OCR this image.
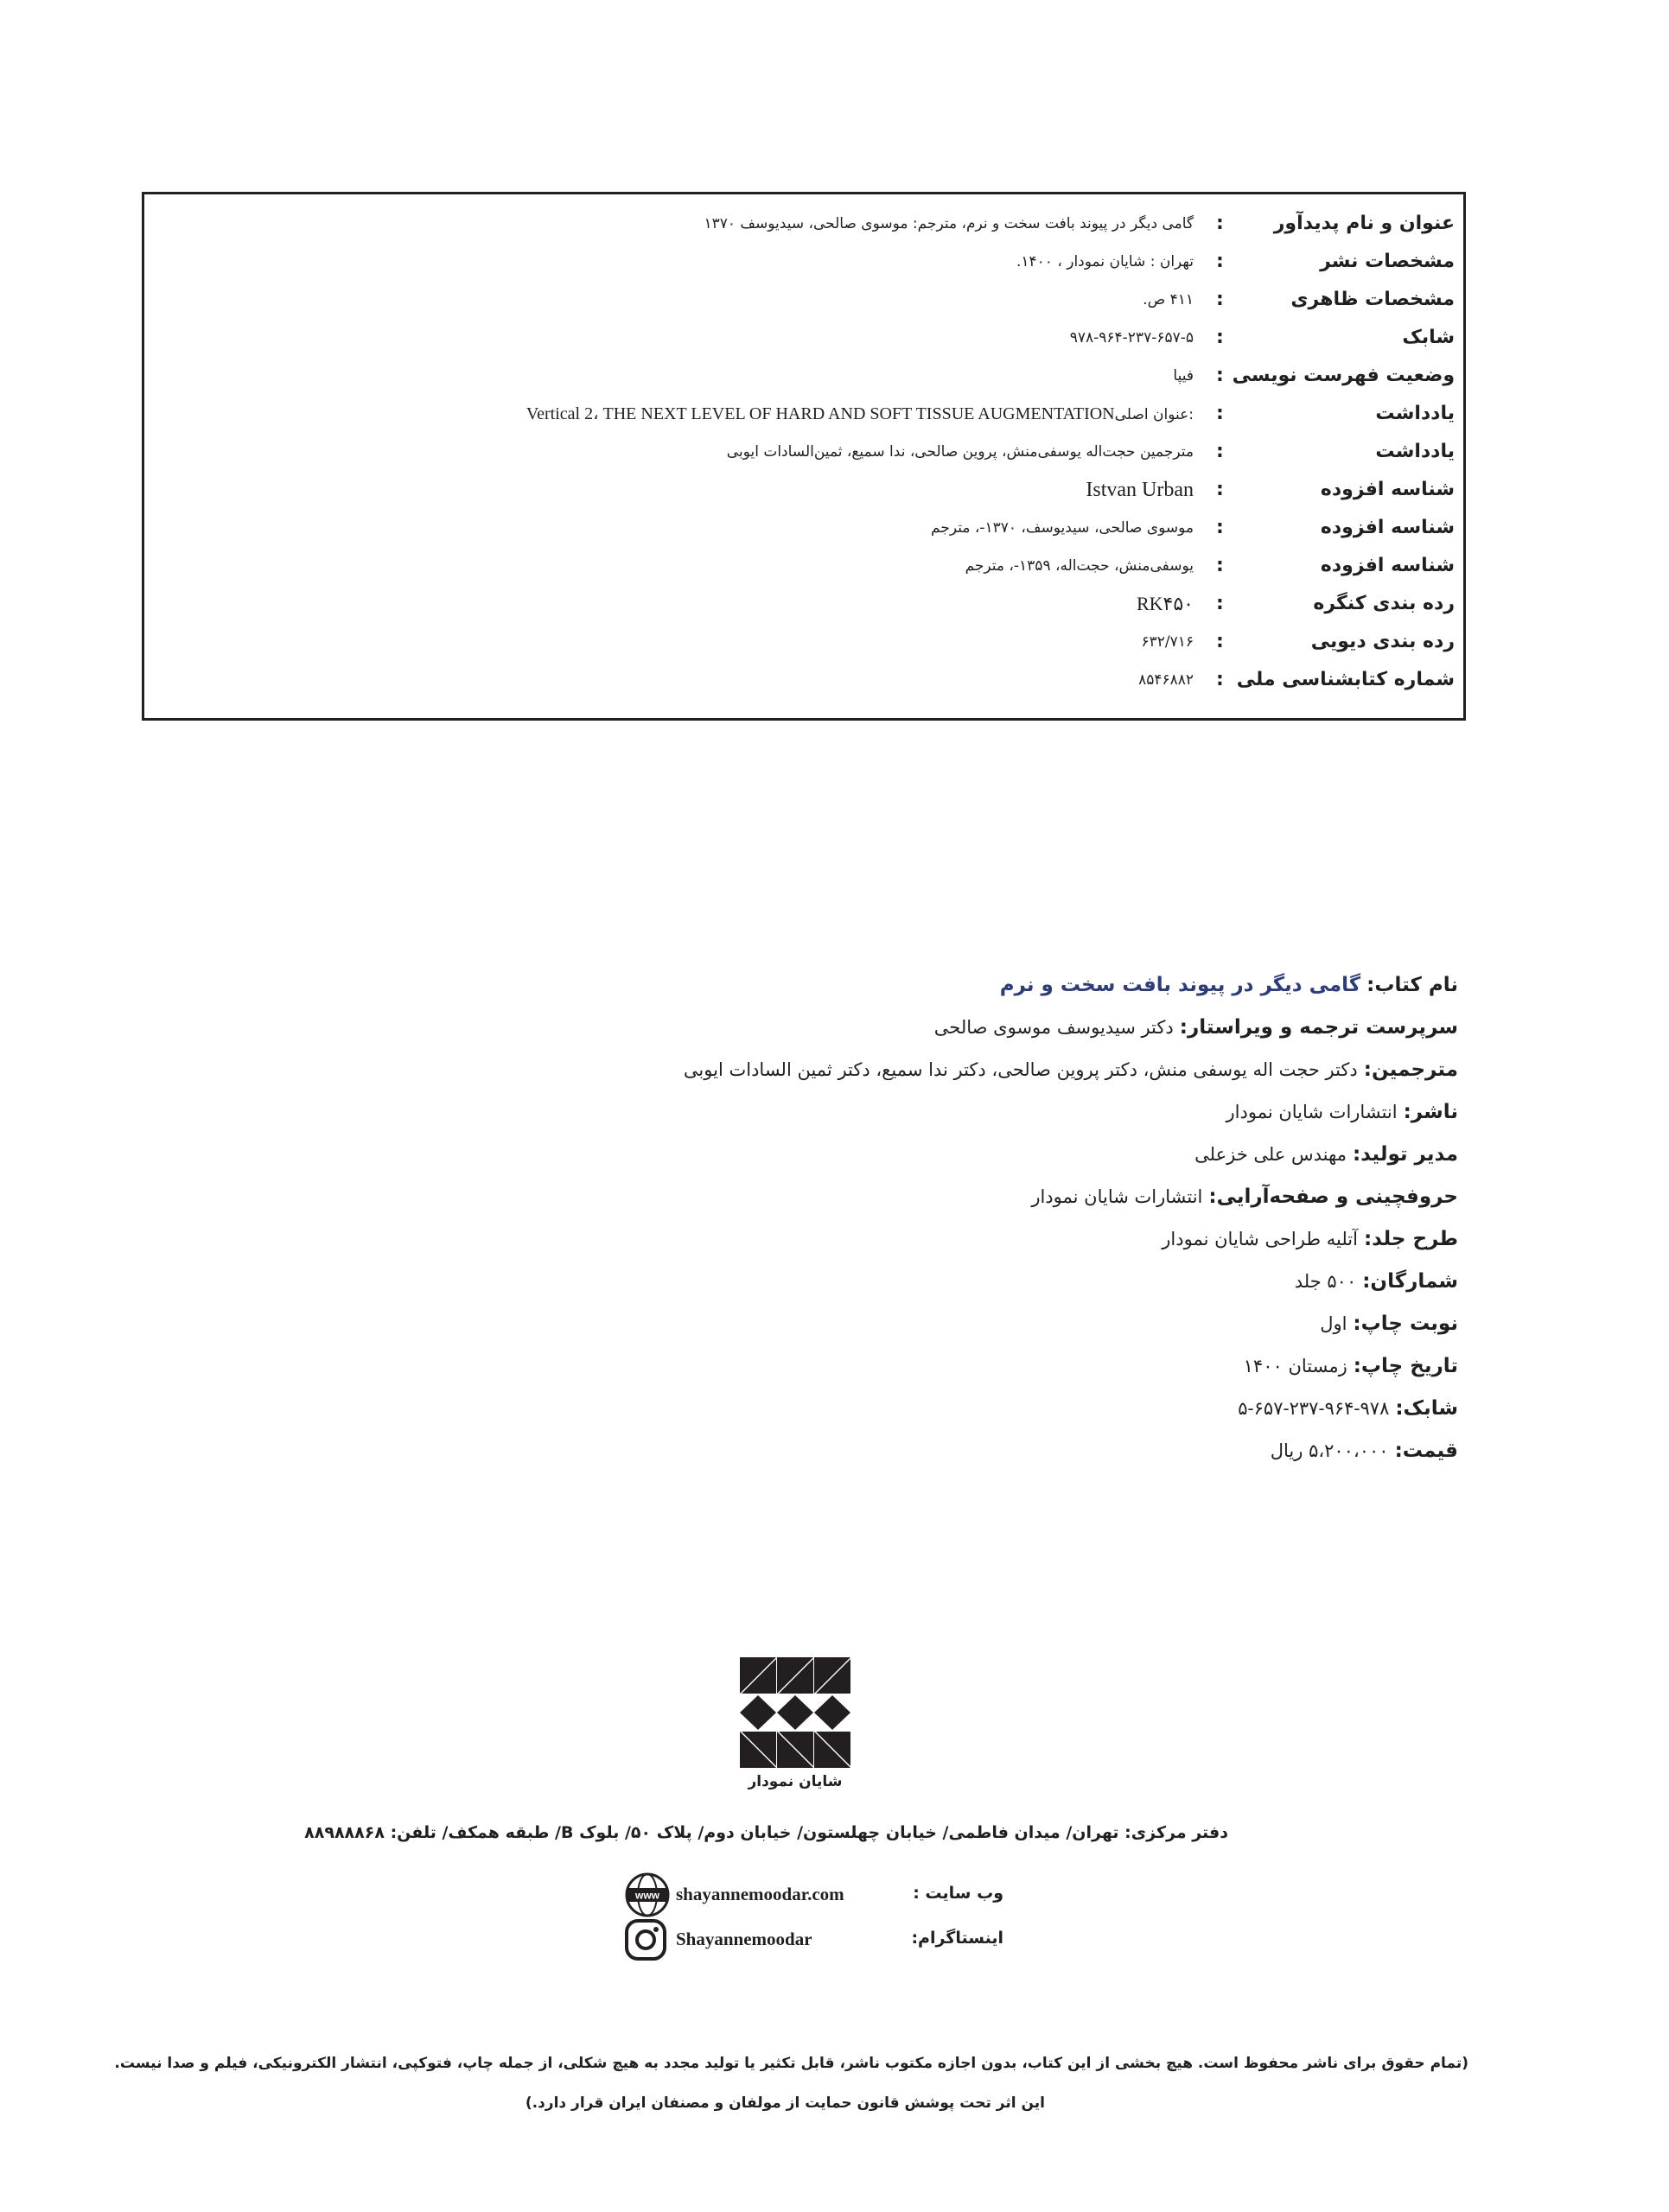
عنوان و نام پدیدآور
:
گامی دیگر در پیوند بافت سخت و نرم، مترجم: موسوی صالحی، سیدیوسف ۱۳۷۰
مشخصات نشر
:
تهران : شایان نمودار ، ۱۴۰۰.
مشخصات ظاهری
:
۴۱۱ ص.
شابک
:
۹۷۸-۹۶۴-۲۳۷-۶۵۷-۵
وضعیت فهرست نویسی
:
فیپا
یادداشت
:
Vertical 2، THE NEXT LEVEL OF HARD AND SOFT TISSUE AUGMENTATIONعنوان اصلی:
یادداشت
:
مترجمین حجت‌اله یوسفی‌منش، پروین صالحی، ندا سمیع، ثمین‌السادات ایوبی
شناسه افزوده
:
Istvan Urban
شناسه افزوده
:
موسوی صالحی، سیدیوسف، ۱۳۷۰-، مترجم
شناسه افزوده
:
یوسفی‌منش، حجت‌اله، ۱۳۵۹-، مترجم
رده بندی کنگره
:
RK۴۵۰
رده بندی دیویی
:
۶۳۲/۷۱۶
شماره کتابشناسی ملی
:
۸۵۴۶۸۸۲
نام کتاب: گامی دیگر در پیوند بافت سخت و نرم
سرپرست ترجمه و ویراستار: دکتر سیدیوسف موسوی صالحی
مترجمین: دکتر حجت اله یوسفی منش، دکتر پروین صالحی، دکتر ندا سمیع، دکتر ثمین السادات ایوبی
ناشر: انتشارات شایان نمودار
مدیر تولید: مهندس علی خزعلی
حروفچینی و صفحه‌آرایی: انتشارات شایان نمودار
طرح جلد: آتلیه طراحی شایان نمودار
شمارگان: ۵۰۰ جلد
نوبت چاپ: اول
تاریخ چاپ: زمستان ۱۴۰۰
شابک: ۹۷۸-۹۶۴-۲۳۷-۶۵۷-۵
قیمت: ۵،۲۰۰،۰۰۰ ریال
شایان نمودار
دفتر مرکزی: تهران/ میدان فاطمی/ خیابان چهلستون/ خیابان دوم/ پلاک ۵۰/ بلوک B/ طبقه همکف/ تلفن: ۸۸۹۸۸۸۶۸
وب سایت :
shayannemoodar.com
www
اینستاگرام:
Shayannemoodar
(تمام حقوق برای ناشر محفوظ است. هیچ بخشی از این کتاب، بدون اجازه مکتوب ناشر، قابل تکثیر یا تولید مجدد به هیچ شکلی، از جمله چاپ، فتوکپی، انتشار الکترونیکی، فیلم و صدا نیست.
این اثر تحت پوشش قانون حمایت از مولفان و مصنفان ایران قرار دارد.)
